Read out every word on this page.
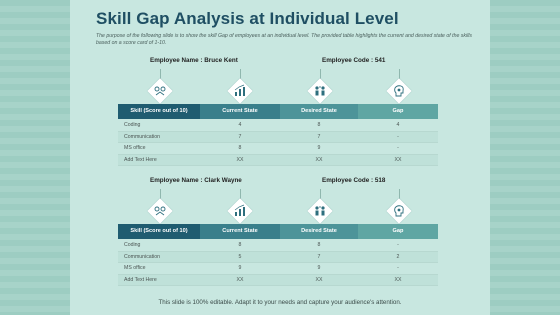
Skill Gap Analysis at Individual Level
The purpose of the following slide is to show the skill Gap of employees at an individual level. The provided table highlights the current and desired state of the skills based on a score card of 1-10.
Employee Name : Bruce Kent	Employee Code : 541
Skill (Score out of 10)	Current State	Desired State	Gap
Coding	4	8	4
Communication	7	7	-
MS office	8	9	-
Add Text Here	XX	XX	XX
Employee Name : Clark Wayne	Employee Code : 518
Skill (Score out of 10)	Current State	Desired State	Gap
Coding	8	8	-
Communication	5	7	2
MS office	9	9	-
Add Text Here	XX	XX	XX
This slide is 100% editable. Adapt it to your needs and capture your audience's attention.
